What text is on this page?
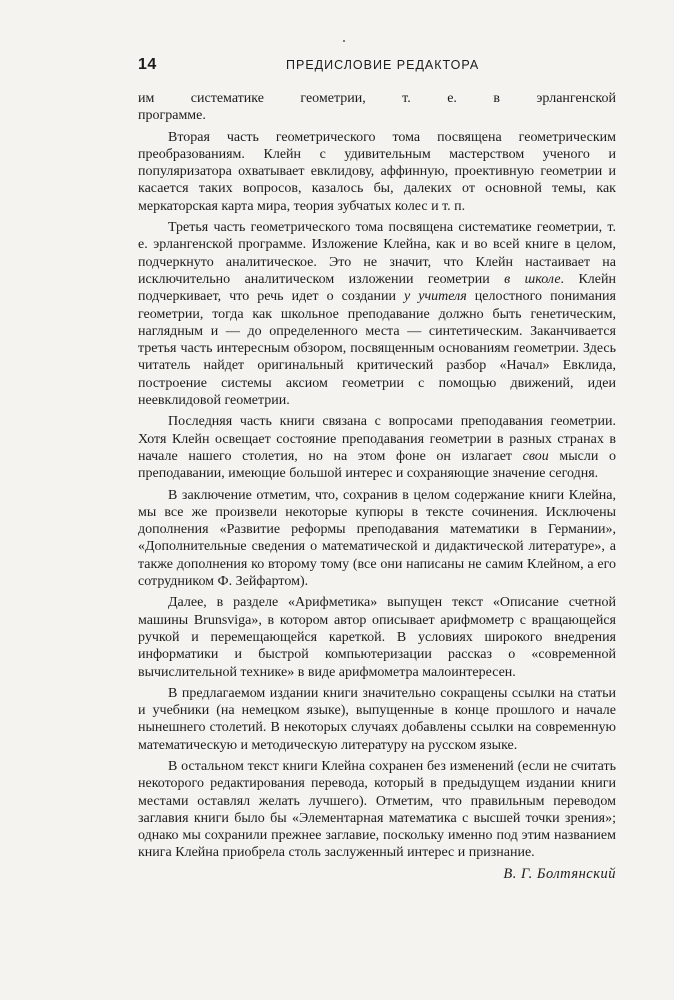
14	ПРЕДИСЛОВИЕ РЕДАКТОРА

им систематике геометрии, т. е. в эрлангенской программе.

Вторая часть геометрического тома посвящена геометрическим преобразованиям. Клейн с удивительным мастерством ученого и популяризатора охватывает евклидову, аффинную, проективную геометрии и касается таких вопросов, казалось бы, далеких от основной темы, как меркаторская карта мира, теория зубчатых колес и т. п.

Третья часть геометрического тома посвящена систематике геометрии, т. е. эрлангенской программе. Изложение Клейна, как и во всей книге в целом, подчеркнуто аналитическое. Это не значит, что Клейн настаивает на исключительно аналитическом изложении геометрии в школе. Клейн подчеркивает, что речь идет о создании у учителя целостного понимания геометрии, тогда как школьное преподавание должно быть генетическим, наглядным и — до определенного места — синтетическим. Заканчивается третья часть интересным обзором, посвященным основаниям геометрии. Здесь читатель найдет оригинальный критический разбор «Начал» Евклида, построение системы аксиом геометрии с помощью движений, идеи неевклидовой геометрии.

Последняя часть книги связана с вопросами преподавания геометрии. Хотя Клейн освещает состояние преподавания геометрии в разных странах в начале нашего столетия, но на этом фоне он излагает свои мысли о преподавании, имеющие большой интерес и сохраняющие значение сегодня.

В заключение отметим, что, сохранив в целом содержание книги Клейна, мы все же произвели некоторые купюры в тексте сочинения. Исключены дополнения «Развитие реформы преподавания математики в Германии», «Дополнительные сведения о математической и дидактической литературе», а также дополнения ко второму тому (все они написаны не самим Клейном, а его сотрудником Ф. Зейфартом).

Далее, в разделе «Арифметика» выпущен текст «Описание счетной машины Brunsviga», в котором автор описывает арифмометр с вращающейся ручкой и перемещающейся кареткой. В условиях широкого внедрения информатики и быстрой компьютеризации рассказ о «современной вычислительной технике» в виде арифмометра малоинтересен.

В предлагаемом издании книги значительно сокращены ссылки на статьи и учебники (на немецком языке), выпущенные в конце прошлого и начале нынешнего столетий. В некоторых случаях добавлены ссылки на современную математическую и методическую литературу на русском языке.

В остальном текст книги Клейна сохранен без изменений (если не считать некоторого редактирования перевода, который в предыдущем издании книги местами оставлял желать лучшего). Отметим, что правильным переводом заглавия книги было бы «Элементарная математика с высшей точки зрения»; однако мы сохранили прежнее заглавие, поскольку именно под этим названием книга Клейна приобрела столь заслуженный интерес и признание.

В. Г. Болтянский
